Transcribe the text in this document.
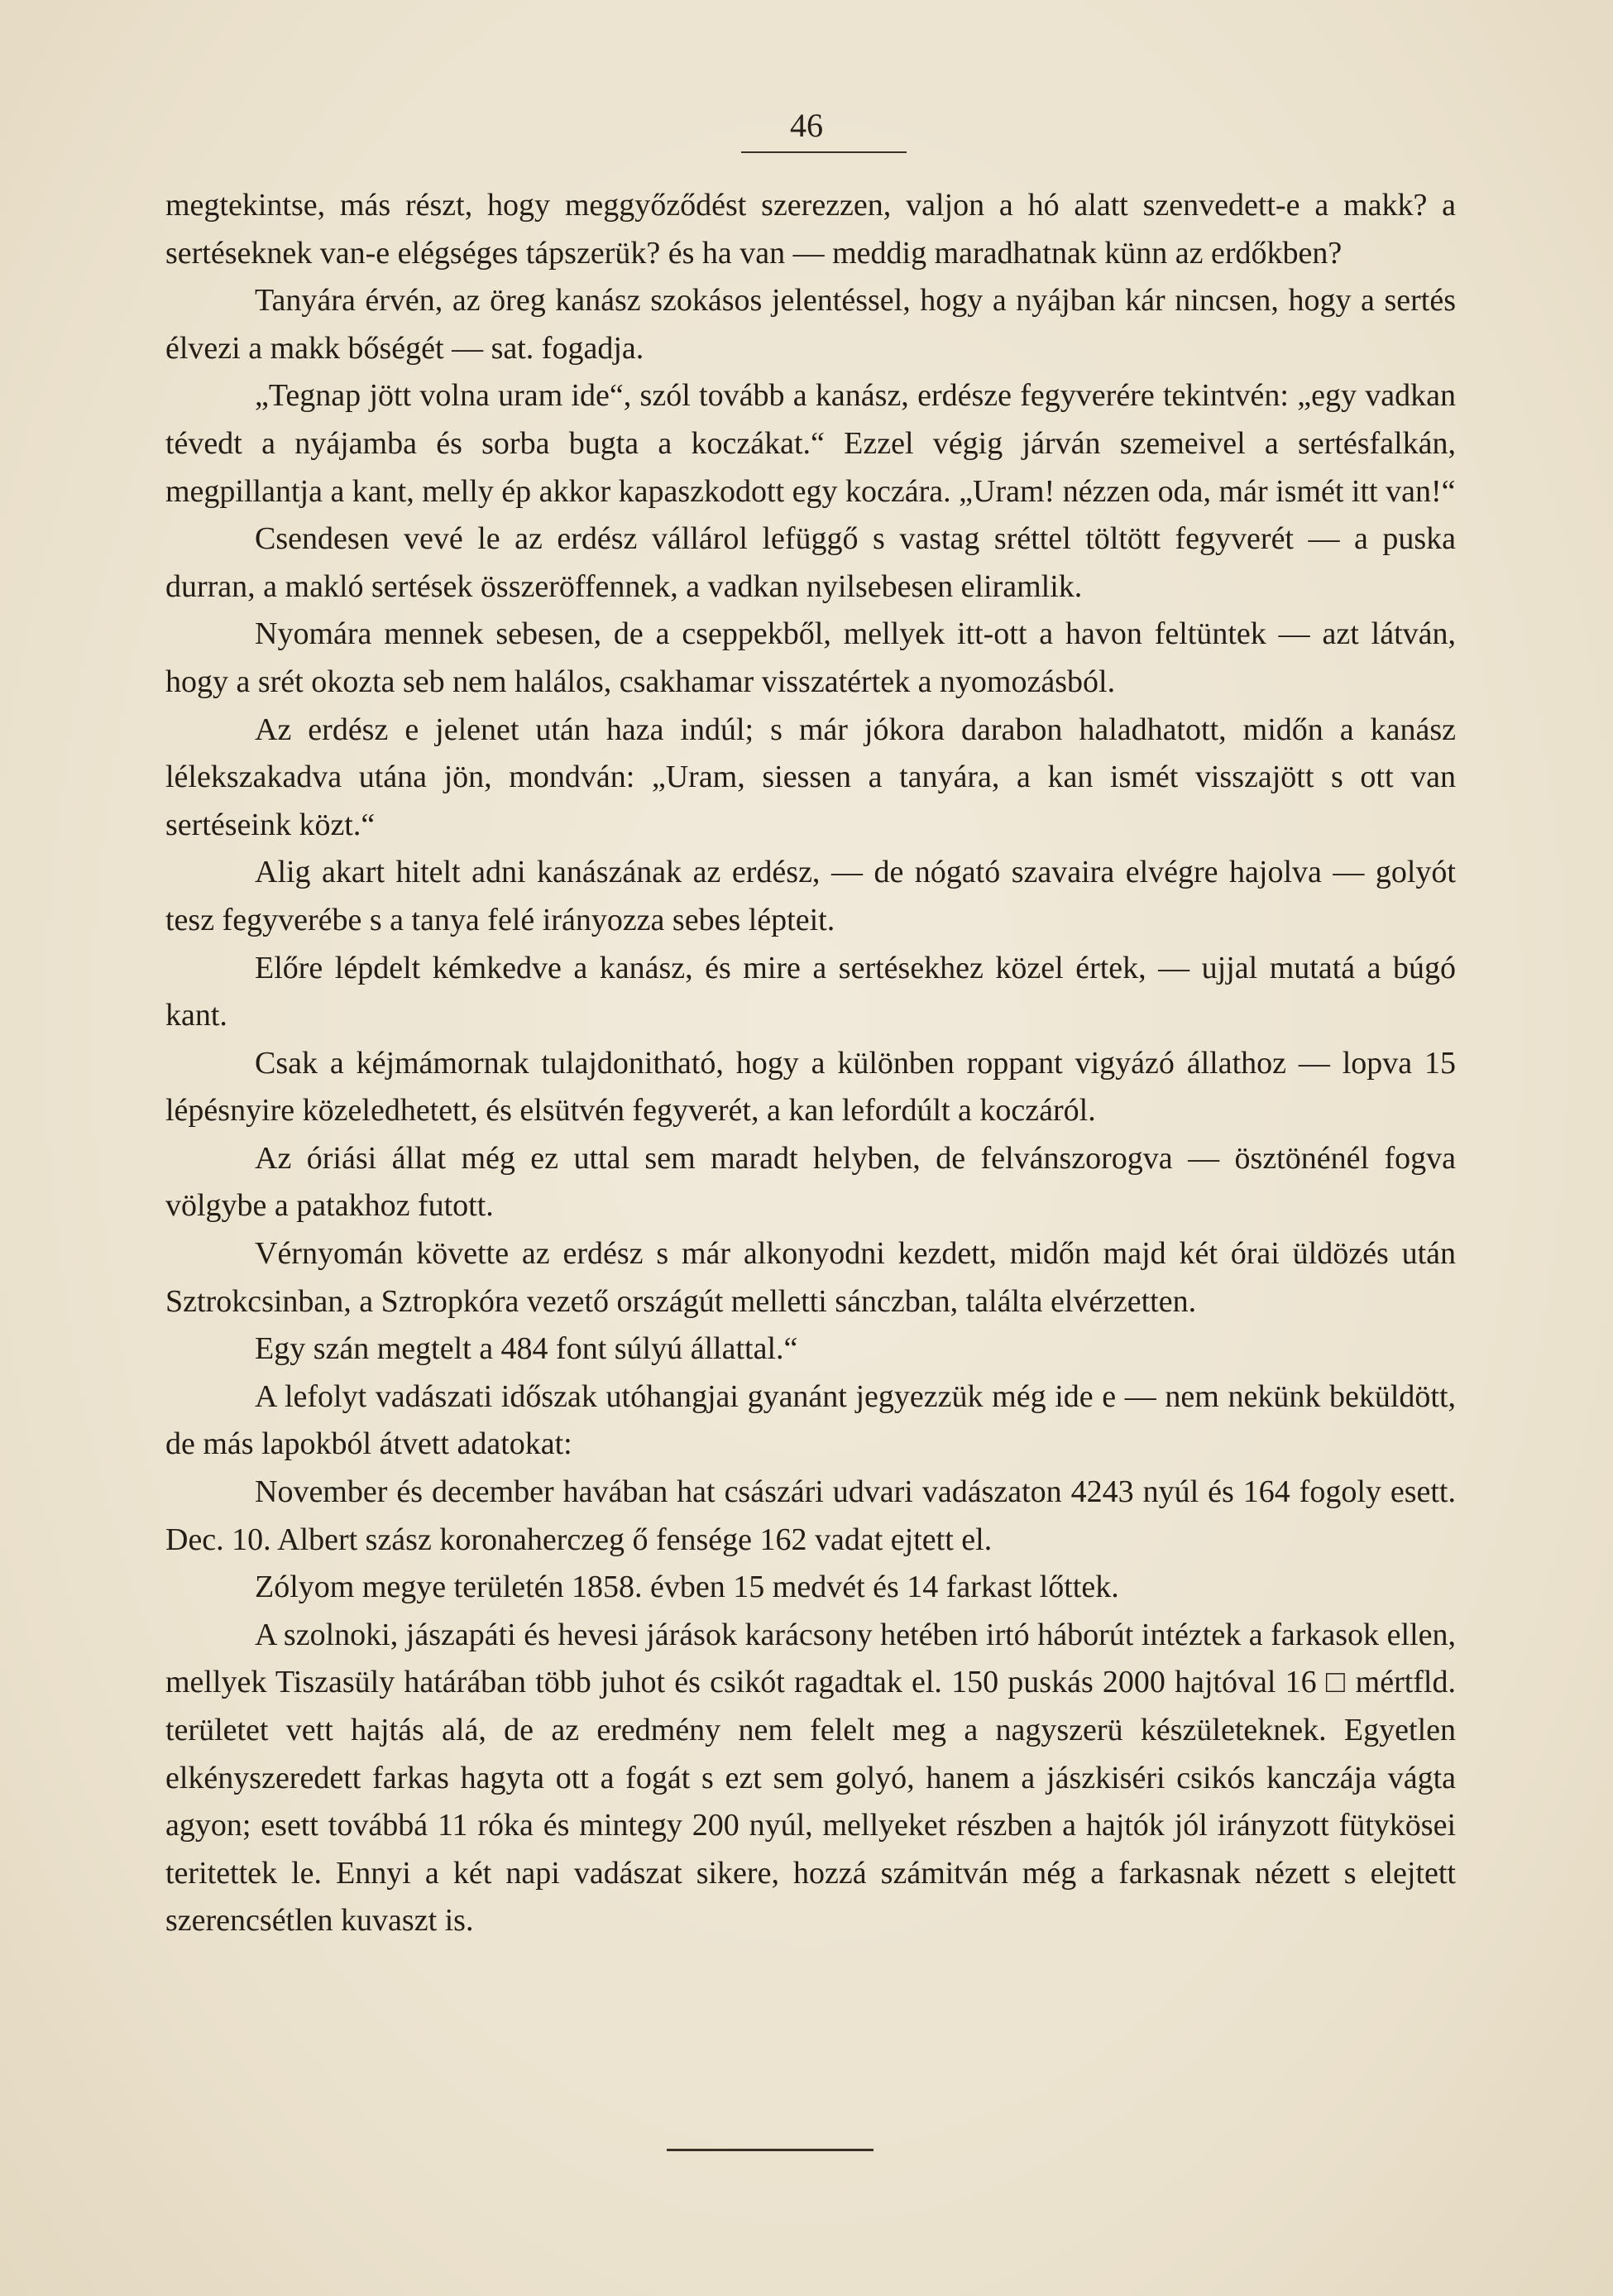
46

megtekintse, más részt, hogy meggyőződést szerezzen, valjon a hó alatt szenvedett-e a makk? a sertéseknek van-e elégséges tápszerük? és ha van — meddig maradhatnak künn az erdőkben?

Tanyára érvén, az öreg kanász szokásos jelentéssel, hogy a nyájban kár nincsen, hogy a sertés élvezi a makk bőségét — sat. fogadja.

„Tegnap jött volna uram ide“, szól tovább a kanász, erdésze fegyverére tekintvén: „egy vadkan tévedt a nyájamba és sorba bugta a koczákat.“ Ezzel végig járván szemeivel a sertésfalkán, megpillantja a kant, melly ép akkor kapaszkodott egy koczára. „Uram! nézzen oda, már ismét itt van!“

Csendesen vevé le az erdész vállárol lefüggő s vastag sréttel töltött fegyverét — a puska durran, a makló sertések összeröffennek, a vadkan nyilsebesen eliramlik.

Nyomára mennek sebesen, de a cseppekből, mellyek itt-ott a havon feltüntek — azt látván, hogy a srét okozta seb nem halálos, csakhamar visszatértek a nyomozásból.

Az erdész e jelenet után haza indúl; s már jókora darabon haladhatott, midőn a kanász lélekszakadva utána jön, mondván: „Uram, siessen a tanyára, a kan ismét visszajött s ott van sertéseink közt.“

Alig akart hitelt adni kanászának az erdész, — de nógató szavaira elvégre hajolva — golyót tesz fegyverébe s a tanya felé irányozza sebes lépteit.

Előre lépdelt kémkedve a kanász, és mire a sertésekhez közel értek, — ujjal mutatá a búgó kant.

Csak a kéjmámornak tulajdonitható, hogy a különben roppant vigyázó állathoz — lopva 15 lépésnyire közeledhetett, és elsütvén fegyverét, a kan lefordúlt a koczáról.

Az óriási állat még ez uttal sem maradt helyben, de felvánszorogva — ösztönénél fogva völgybe a patakhoz futott.

Vérnyomán követte az erdész s már alkonyodni kezdett, midőn majd két órai üldözés után Sztrokcsinban, a Sztropkóra vezető országút melletti sánczban, találta elvérzetten.

Egy szán megtelt a 484 font súlyú állattal.“

A lefolyt vadászati időszak utóhangjai gyanánt jegyezzük még ide e — nem nekünk beküldött, de más lapokból átvett adatokat:

November és december havában hat császári udvari vadászaton 4243 nyúl és 164 fogoly esett. Dec. 10. Albert szász koronaherczeg ő fensége 162 vadat ejtett el.

Zólyom megye területén 1858. évben 15 medvét és 14 farkast lőttek.

A szolnoki, jászapáti és hevesi járások karácsony hetében irtó háborút intéztek a farkasok ellen, mellyek Tiszasüly határában több juhot és csikót ragadtak el. 150 puskás 2000 hajtóval 16 □ mértfld. területet vett hajtás alá, de az eredmény nem felelt meg a nagyszerü készületeknek. Egyetlen elkényszeredett farkas hagyta ott a fogát s ezt sem golyó, hanem a jászkiséri csikós kanczája vágta agyon; esett továbbá 11 róka és mintegy 200 nyúl, mellyeket részben a hajtók jól irányzott fütykösei teritettek le. Ennyi a két napi vadászat sikere, hozzá számitván még a farkasnak nézett s elejtett szerencsétlen kuvaszt is.
